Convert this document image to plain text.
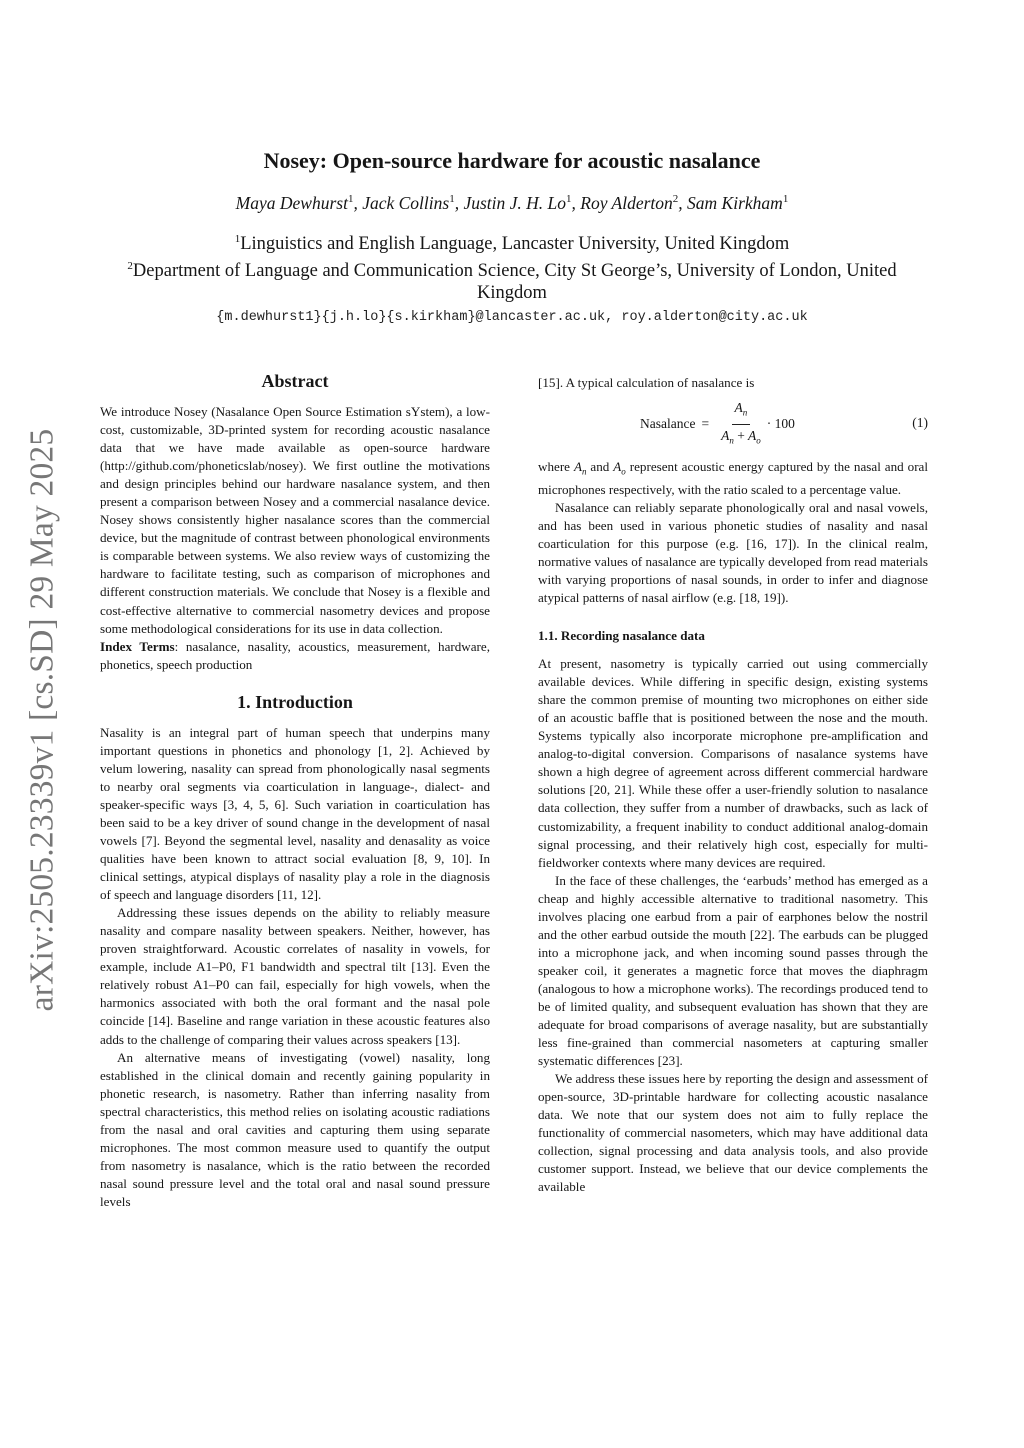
arXiv:2505.23339v1 [cs.SD] 29 May 2025
Nosey: Open-source hardware for acoustic nasalance
Maya Dewhurst$^1$, Jack Collins$^1$, Justin J. H. Lo$^1$, Roy Alderton$^2$, Sam Kirkham$^1$
$^1$Linguistics and English Language, Lancaster University, United Kingdom
$^2$Department of Language and Communication Science, City St George’s, University of London, United Kingdom
{m.dewhurst1}{j.h.lo}{s.kirkham}@lancaster.ac.uk, roy.alderton@city.ac.uk
Abstract

We introduce Nosey (Nasalance Open Source Estimation sYstem), a low-cost, customizable, 3D-printed system for recording acoustic nasalance data that we have made available as open-source hardware (http://github.com/phoneticslab/nosey). We first outline the motivations and design principles behind our hardware nasalance system, and then present a comparison between Nosey and a commercial nasalance device. Nosey shows consistently higher nasalance scores than the commercial device, but the magnitude of contrast between phonological environments is comparable between systems. We also review ways of customizing the hardware to facilitate testing, such as comparison of microphones and different construction materials. We conclude that Nosey is a flexible and cost-effective alternative to commercial nasometry devices and propose some methodological considerations for its use in data collection.

Index Terms: nasalance, nasality, acoustics, measurement, hardware, phonetics, speech production

1. Introduction

Nasality is an integral part of human speech that underpins many important questions in phonetics and phonology [1, 2]. Achieved by velum lowering, nasality can spread from phonologically nasal segments to nearby oral segments via coarticulation in language-, dialect- and speaker-specific ways [3, 4, 5, 6]. Such variation in coarticulation has been said to be a key driver of sound change in the development of nasal vowels [7]. Beyond the segmental level, nasality and denasality as voice qualities have been known to attract social evaluation [8, 9, 10]. In clinical settings, atypical displays of nasality play a role in the diagnosis of speech and language disorders [11, 12].

Addressing these issues depends on the ability to reliably measure nasality and compare nasality between speakers. Neither, however, has proven straightforward. Acoustic correlates of nasality in vowels, for example, include A1–P0, F1 bandwidth and spectral tilt [13]. Even the relatively robust A1–P0 can fail, especially for high vowels, when the harmonics associated with both the oral formant and the nasal pole coincide [14]. Baseline and range variation in these acoustic features also adds to the challenge of comparing their values across speakers [13].

An alternative means of investigating (vowel) nasality, long established in the clinical domain and recently gaining popularity in phonetic research, is nasometry. Rather than inferring nasality from spectral characteristics, this method relies on isolating acoustic radiations from the nasal and oral cavities and capturing them using separate microphones. The most common measure used to quantify the output from nasometry is nasalance, which is the ratio between the recorded nasal sound pressure level and the total oral and nasal sound pressure levels

[15]. A typical calculation of nasalance is

Nasalance = $\frac{A_n}{A_n + A_o} \cdot 100$	(1)

where $A_n$ and $A_o$ represent acoustic energy captured by the nasal and oral microphones respectively, with the ratio scaled to a percentage value.

Nasalance can reliably separate phonologically oral and nasal vowels, and has been used in various phonetic studies of nasality and nasal coarticulation for this purpose (e.g. [16, 17]). In the clinical realm, normative values of nasalance are typically developed from read materials with varying proportions of nasal sounds, in order to infer and diagnose atypical patterns of nasal airflow (e.g. [18, 19]).

1.1. Recording nasalance data

At present, nasometry is typically carried out using commercially available devices. While differing in specific design, existing systems share the common premise of mounting two microphones on either side of an acoustic baffle that is positioned between the nose and the mouth. Systems typically also incorporate microphone pre-amplification and analog-to-digital conversion. Comparisons of nasalance systems have shown a high degree of agreement across different commercial hardware solutions [20, 21]. While these offer a user-friendly solution to nasalance data collection, they suffer from a number of drawbacks, such as lack of customizability, a frequent inability to conduct additional analog-domain signal processing, and their relatively high cost, especially for multi-fieldworker contexts where many devices are required.

In the face of these challenges, the ‘earbuds’ method has emerged as a cheap and highly accessible alternative to traditional nasometry. This involves placing one earbud from a pair of earphones below the nostril and the other earbud outside the mouth [22]. The earbuds can be plugged into a microphone jack, and when incoming sound passes through the speaker coil, it generates a magnetic force that moves the diaphragm (analogous to how a microphone works). The recordings produced tend to be of limited quality, and subsequent evaluation has shown that they are adequate for broad comparisons of average nasality, but are substantially less fine-grained than commercial nasometers at capturing smaller systematic differences [23].

We address these issues here by reporting the design and assessment of open-source, 3D-printable hardware for collecting acoustic nasalance data. We note that our system does not aim to fully replace the functionality of commercial nasometers, which may have additional data collection, signal processing and data analysis tools, and also provide customer support. Instead, we believe that our device complements the available
